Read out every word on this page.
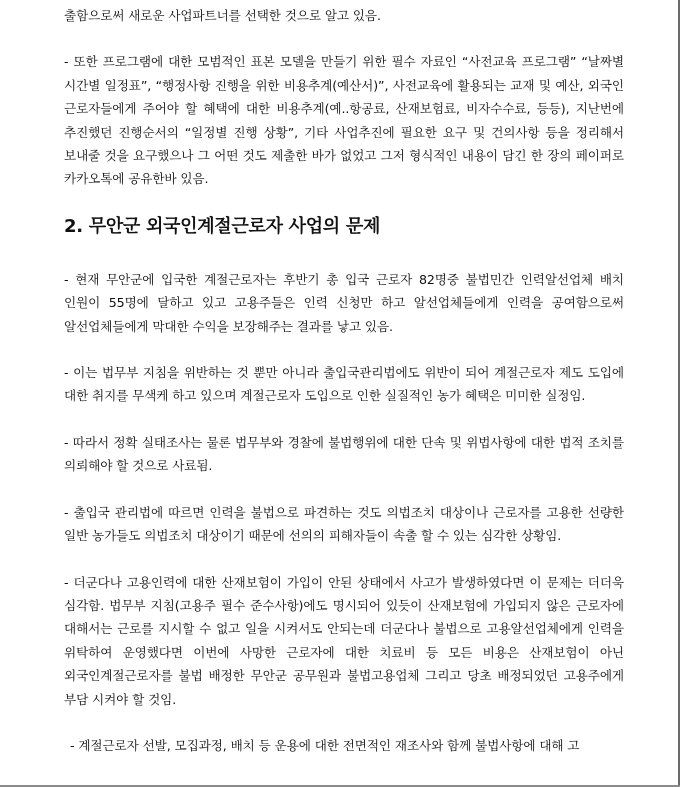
출함으로써 새로운 사업파트너를 선택한 것으로 알고 있음.

- 또한 프로그램에 대한 모범적인 표본 모델을 만들기 위한 필수 자료인 “사전교육 프로그램” “날짜별 시간별 일정표”, “행정사항 진행을 위한 비용추계(예산서)”, 사전교육에 활용되는 교재 및 예산, 외국인 근로자들에게 주어야 할 혜택에 대한 비용추계(예..항공료, 산재보험료, 비자수수료, 등등), 지난번에 추진했던 진행순서의 “일정별 진행 상황”, 기타 사업추진에 필요한 요구 및 건의사항 등을 정리해서 보내줄 것을 요구했으나 그 어떤 것도 제출한 바가 없었고 그저 형식적인 내용이 담긴 한 장의 페이퍼로 카카오톡에 공유한바 있음.

2. 무안군 외국인계절근로자 사업의 문제

- 현재 무안군에 입국한 계절근로자는 후반기 총 입국 근로자 82명중 불법민간 인력알선업체 배치 인원이 55명에 달하고 있고 고용주들은 인력 신청만 하고 알선업체들에게 인력을 공여함으로써 알선업체들에게 막대한 수익을 보장해주는 결과를 낳고 있음.

- 이는 법무부 지침을 위반하는 것 뿐만 아니라 출입국관리법에도 위반이 되어 계절근로자 제도 도입에 대한 취지를 무색케 하고 있으며 계절근로자 도입으로 인한 실질적인 농가 혜택은 미미한 실정임.

- 따라서 정확 실태조사는 물론 법무부와 경찰에 불법행위에 대한 단속 및 위법사항에 대한 법적 조치를 의뢰해야 할 것으로 사료됨.

- 출입국 관리법에 따르면 인력을 불법으로 파견하는 것도 의법조치 대상이나 근로자를 고용한 선량한 일반 농가들도 의법조치 대상이기 때문에 선의의 피해자들이 속출 할 수 있는 심각한 상황임.

- 더군다나 고용인력에 대한 산재보험이 가입이 안된 상태에서 사고가 발생하였다면 이 문제는 더더욱 심각함. 법무부 지침(고용주 필수 준수사항)에도 명시되어 있듯이 산재보험에 가입되지 않은 근로자에 대해서는 근로를 지시할 수 없고 일을 시켜서도 안되는데 더군다나 불법으로 고용알선업체에게 인력을 위탁하여 운영했다면 이번에 사망한 근로자에 대한 치료비 등 모든 비용은 산재보험이 아닌 외국인계절근로자를 불법 배정한 무안군 공무원과 불법고용업체 그리고 당초 배정되었던 고용주에게 부담 시켜야 할 것임.

- 계절근로자 선발, 모집과정, 배치 등 운용에 대한 전면적인 재조사와 함께 불법사항에 대해 고
